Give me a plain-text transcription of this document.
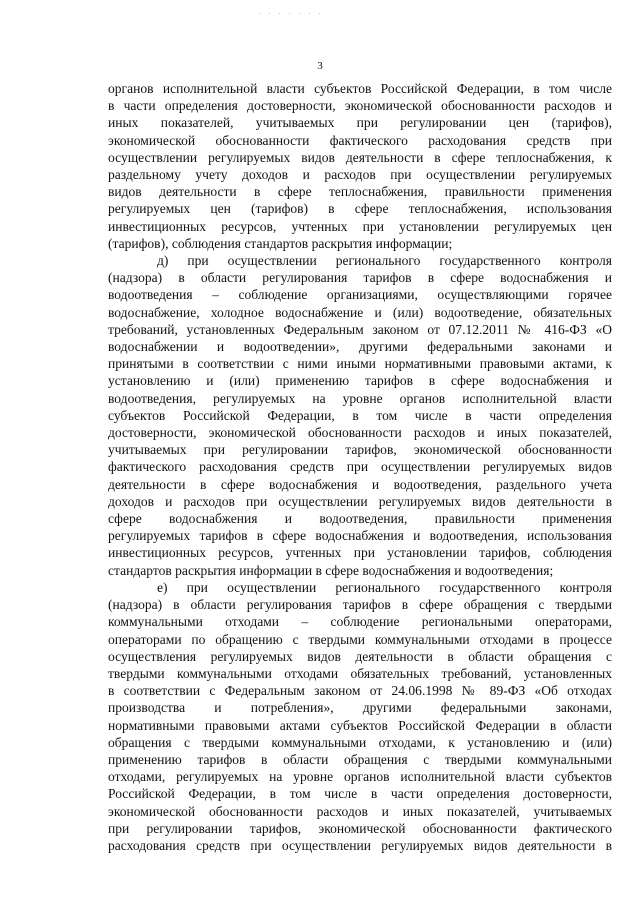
· · · · · · ·
3
органов исполнительной власти субъектов Российской Федерации, в том числе
в части определения достоверности, экономической обоснованности расходов и
иных показателей, учитываемых при регулировании цен (тарифов),
экономической обоснованности фактического расходования средств при
осуществлении регулируемых видов деятельности в сфере теплоснабжения, к
раздельному учету доходов и расходов при осуществлении регулируемых
видов деятельности в сфере теплоснабжения, правильности применения
регулируемых цен (тарифов) в сфере теплоснабжения, использования
инвестиционных ресурсов, учтенных при установлении регулируемых цен
(тарифов), соблюдения стандартов раскрытия информации;
д) при осуществлении регионального государственного контроля
(надзора) в области регулирования тарифов в сфере водоснабжения и
водоотведения – соблюдение организациями, осуществляющими горячее
водоснабжение, холодное водоснабжение и (или) водоотведение, обязательных
требований, установленных Федеральным законом от 07.12.2011 № 416-ФЗ «О
водоснабжении и водоотведении», другими федеральными законами и
принятыми в соответствии с ними иными нормативными правовыми актами, к
установлению и (или) применению тарифов в сфере водоснабжения и
водоотведения, регулируемых на уровне органов исполнительной власти
субъектов Российской Федерации, в том числе в части определения
достоверности, экономической обоснованности расходов и иных показателей,
учитываемых при регулировании тарифов, экономической обоснованности
фактического расходования средств при осуществлении регулируемых видов
деятельности в сфере водоснабжения и водоотведения, раздельного учета
доходов и расходов при осуществлении регулируемых видов деятельности в
сфере водоснабжения и водоотведения, правильности применения
регулируемых тарифов в сфере водоснабжения и водоотведения, использования
инвестиционных ресурсов, учтенных при установлении тарифов, соблюдения
стандартов раскрытия информации в сфере водоснабжения и водоотведения;
е) при осуществлении регионального государственного контроля
(надзора) в области регулирования тарифов в сфере обращения с твердыми
коммунальными отходами – соблюдение региональными операторами,
операторами по обращению с твердыми коммунальными отходами в процессе
осуществления регулируемых видов деятельности в области обращения с
твердыми коммунальными отходами обязательных требований, установленных
в соответствии с Федеральным законом от 24.06.1998 № 89-ФЗ «Об отходах
производства и потребления», другими федеральными законами,
нормативными правовыми актами субъектов Российской Федерации в области
обращения с твердыми коммунальными отходами, к установлению и (или)
применению тарифов в области обращения с твердыми коммунальными
отходами, регулируемых на уровне органов исполнительной власти субъектов
Российской Федерации, в том числе в части определения достоверности,
экономической обоснованности расходов и иных показателей, учитываемых
при регулировании тарифов, экономической обоснованности фактического
расходования средств при осуществлении регулируемых видов деятельности в
